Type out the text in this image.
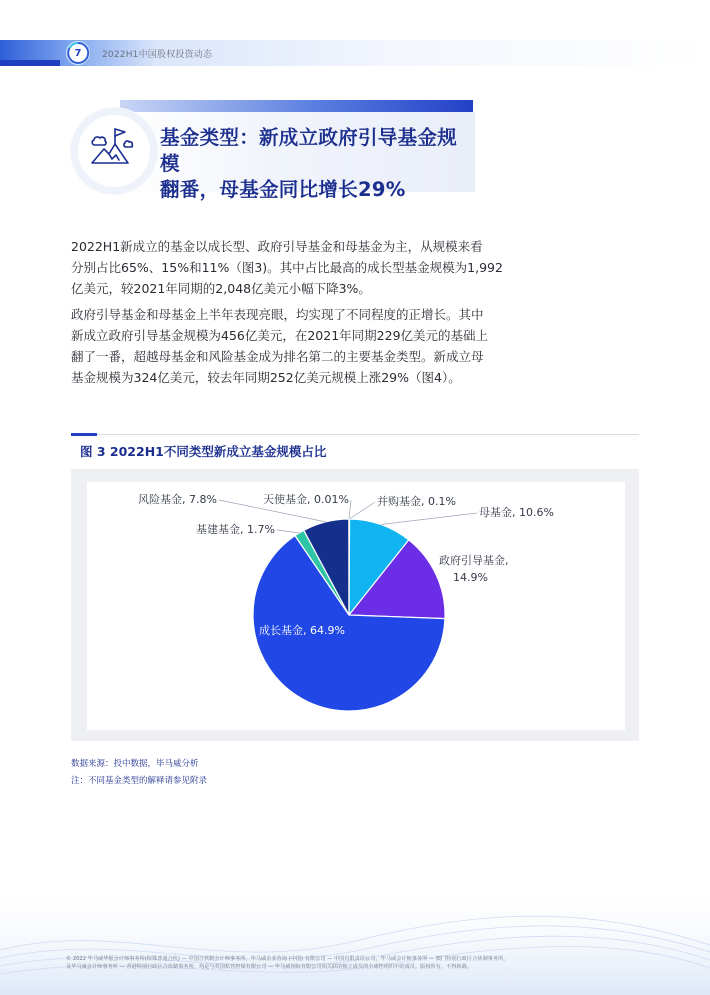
7 2022H1中国股权投资动态
基金类型：新成立政府引导基金规模
翻番，母基金同比增长29%
2022H1新成立的基金以成长型、政府引导基金和母基金为主，从规模来看
分别占比65%、15%和11%（图3)。其中占比最高的成长型基金规模为1,992
亿美元，较2021年同期的2,048亿美元小幅下降3%。
政府引导基金和母基金上半年表现亮眼，均实现了不同程度的正增长。其中
新成立政府引导基金规模为456亿美元，在2021年同期229亿美元的基础上
翻了一番，超越母基金和风险基金成为排名第二的主要基金类型。新成立母
基金规模为324亿美元，较去年同期252亿美元规模上涨29%（图4）。
图 3 2022H1不同类型新成立基金规模占比
并购基金, 0.1%
母基金, 10.6%
政府引导基金,
14.9%
成长基金, 64.9%
基建基金, 1.7%
风险基金, 7.8%	天使基金, 0.01%
数据来源：投中数据，毕马威分析
注：不同基金类型的解释请参见附录
© 2022 毕马威华振会计师事务所(特殊普通合伙) — 中国合伙制会计师事务所，毕马威企业咨询 (中国) 有限公司 — 中国有限责任公司，毕马威会计师事务所 — 澳门特别行政区合伙制事务所，
及毕马威会计师事务所 — 香港特别行政区合伙制事务所，均是与英国私营担保有限公司 — 毕马威国际有限公司相关联的独立成员所全球性组织中的成员。版权所有，不得转载。
